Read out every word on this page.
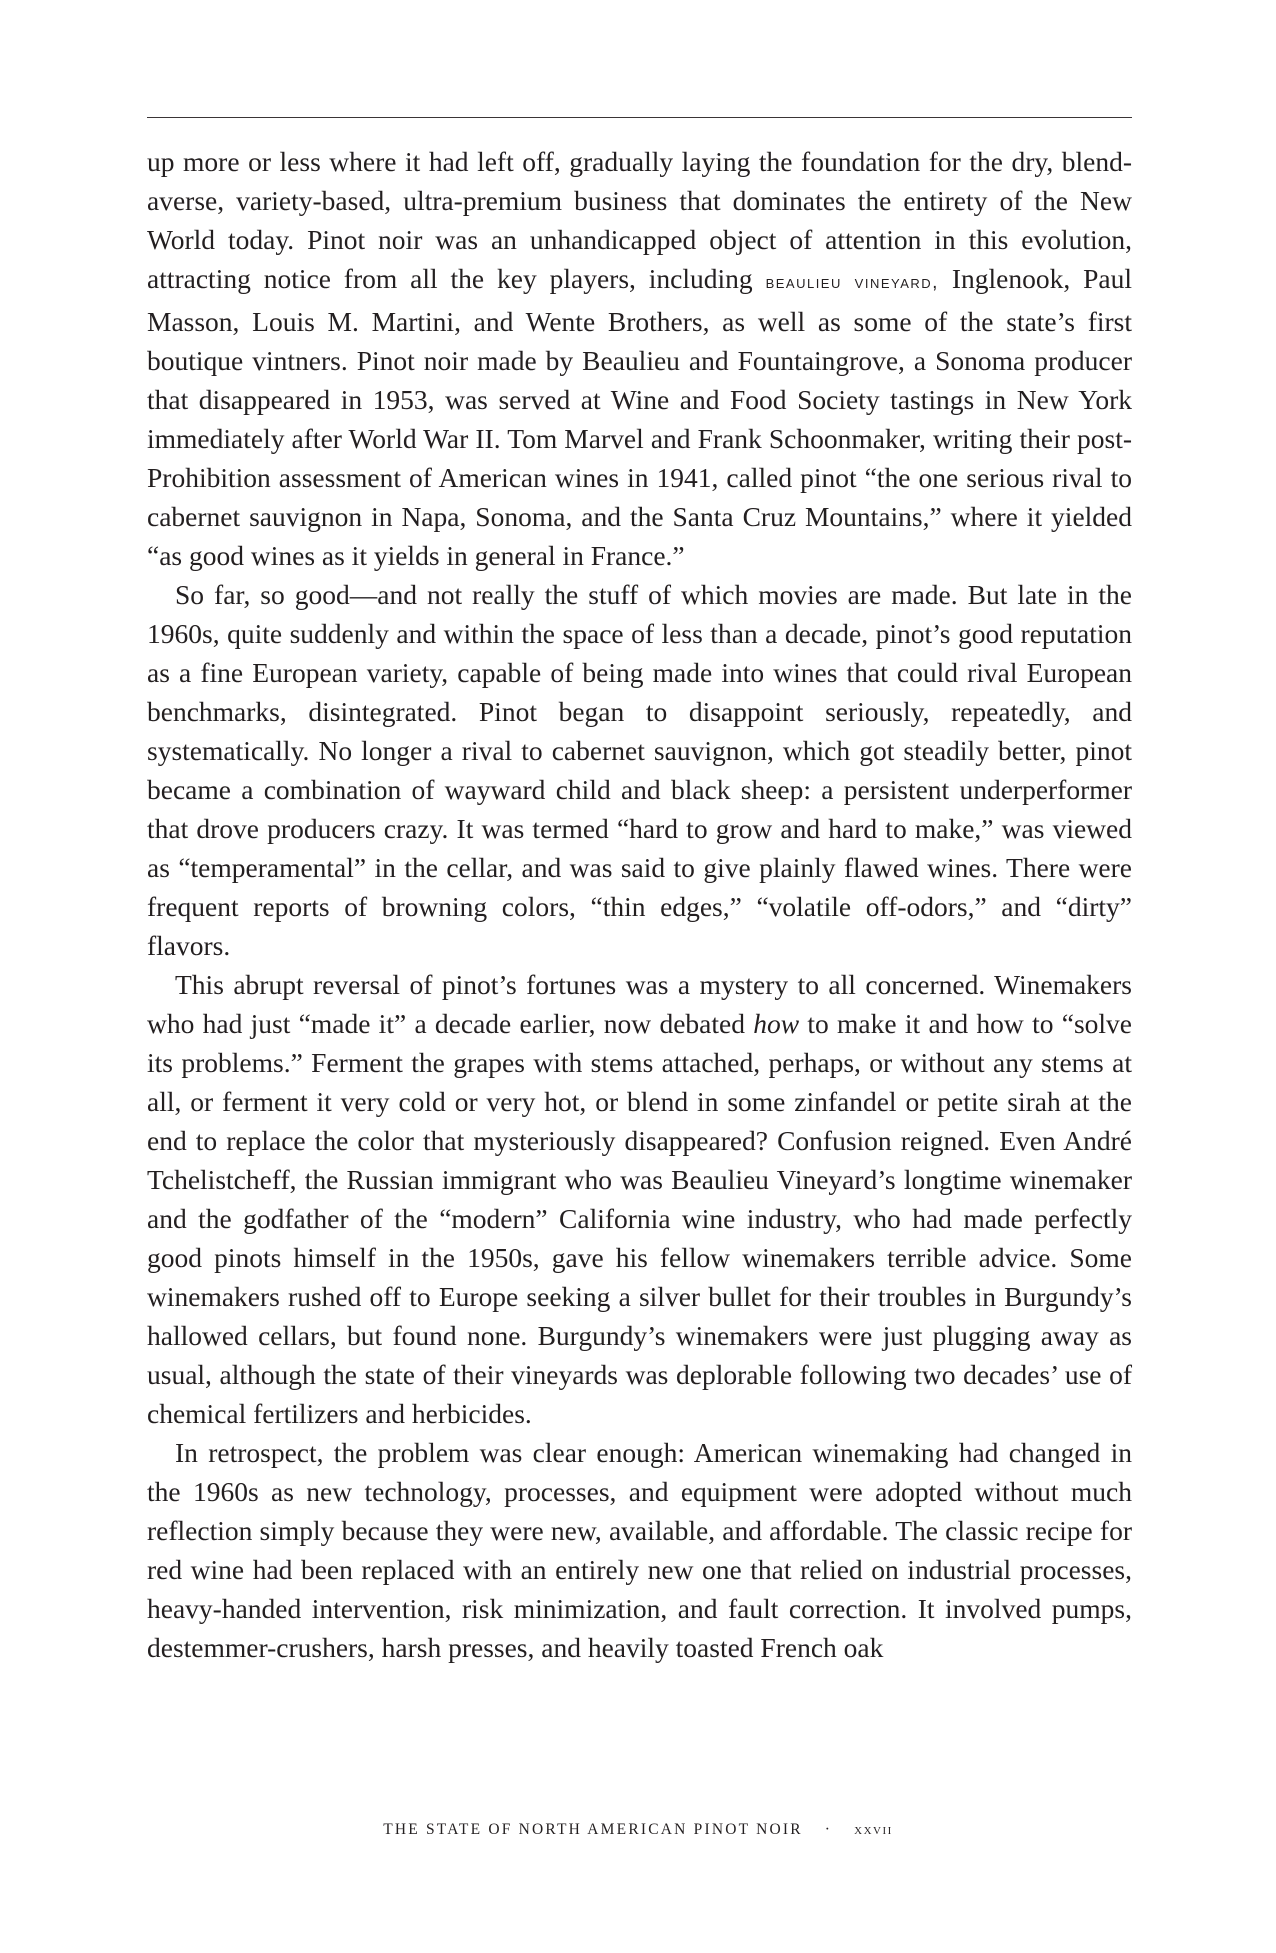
up more or less where it had left off, gradually laying the foundation for the dry, blend-averse, variety-based, ultra-premium business that dominates the entirety of the New World today. Pinot noir was an unhandicapped object of attention in this evolution, attracting notice from all the key players, including beaulieu vineyard, Inglenook, Paul Masson, Louis M. Martini, and Wente Brothers, as well as some of the state’s first boutique vintners. Pinot noir made by Beaulieu and Fountaingrove, a Sonoma producer that disappeared in 1953, was served at Wine and Food Society tastings in New York immediately after World War II. Tom Marvel and Frank Schoonmaker, writing their post-Prohibition assessment of American wines in 1941, called pinot “the one serious rival to cabernet sauvignon in Napa, Sonoma, and the Santa Cruz Mountains,” where it yielded “as good wines as it yields in general in France.”

So far, so good—and not really the stuff of which movies are made. But late in the 1960s, quite suddenly and within the space of less than a decade, pinot’s good reputation as a fine European variety, capable of being made into wines that could rival European benchmarks, disintegrated. Pinot began to disappoint seriously, repeatedly, and systematically. No longer a rival to cabernet sauvignon, which got steadily better, pinot became a combination of wayward child and black sheep: a persistent underperformer that drove producers crazy. It was termed “hard to grow and hard to make,” was viewed as “temperamental” in the cellar, and was said to give plainly flawed wines. There were frequent reports of browning colors, “thin edges,” “volatile off-odors,” and “dirty” flavors.

This abrupt reversal of pinot’s fortunes was a mystery to all concerned. Winemakers who had just “made it” a decade earlier, now debated how to make it and how to “solve its problems.” Ferment the grapes with stems attached, perhaps, or without any stems at all, or ferment it very cold or very hot, or blend in some zinfandel or petite sirah at the end to replace the color that mysteriously disappeared? Confusion reigned. Even André Tchelistcheff, the Russian immigrant who was Beaulieu Vineyard’s longtime winemaker and the godfather of the “modern” California wine industry, who had made perfectly good pinots himself in the 1950s, gave his fellow winemakers terrible advice. Some winemakers rushed off to Europe seeking a silver bullet for their troubles in Burgundy’s hallowed cellars, but found none. Burgundy’s winemakers were just plugging away as usual, although the state of their vineyards was deplorable following two decades’ use of chemical fertilizers and herbicides.

In retrospect, the problem was clear enough: American winemaking had changed in the 1960s as new technology, processes, and equipment were adopted without much reflection simply because they were new, available, and affordable. The classic recipe for red wine had been replaced with an entirely new one that relied on industrial processes, heavy-handed intervention, risk minimization, and fault correction. It involved pumps, destemmer-crushers, harsh presses, and heavily toasted French oak

THE STATE OF NORTH AMERICAN PINOT NOIR · xxvii
